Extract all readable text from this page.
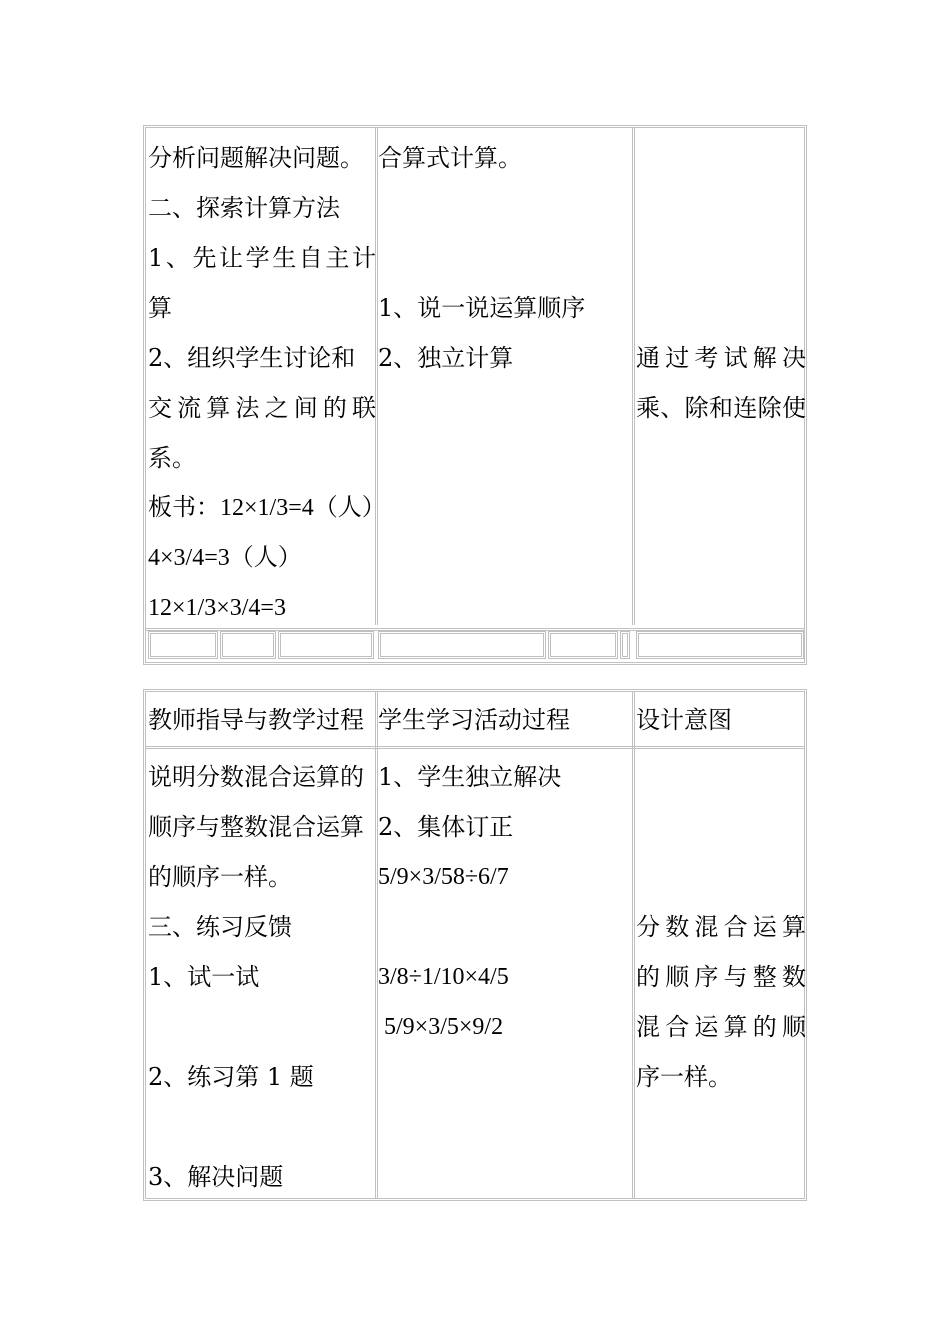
分析问题解决问题。
二、探索计算方法
1、先让学生自主计
算
2、组织学生讨论和
交流算法之间的联
系。
板书：12×1/3=4（人）
4×3/4=3（人）
12×1/3×3/4=3
合算式计算。
1、说一说运算顺序
2、独立计算	通过考试解决
乘、除和连除使
教师指导与教学过程 学生学习活动过程	设计意图
说明分数混合运算的
顺序与整数混合运算
的顺序一样。
三、练习反馈
1、试一试
2、练习第 1 题
3、解决问题
1、学生独立解决
2、集体订正
5/9×3/58÷6/7
3/8÷1/10×4/5
5/9×3/5×9/2
分数混合运算
的顺序与整数
混合运算的顺
序一样。
